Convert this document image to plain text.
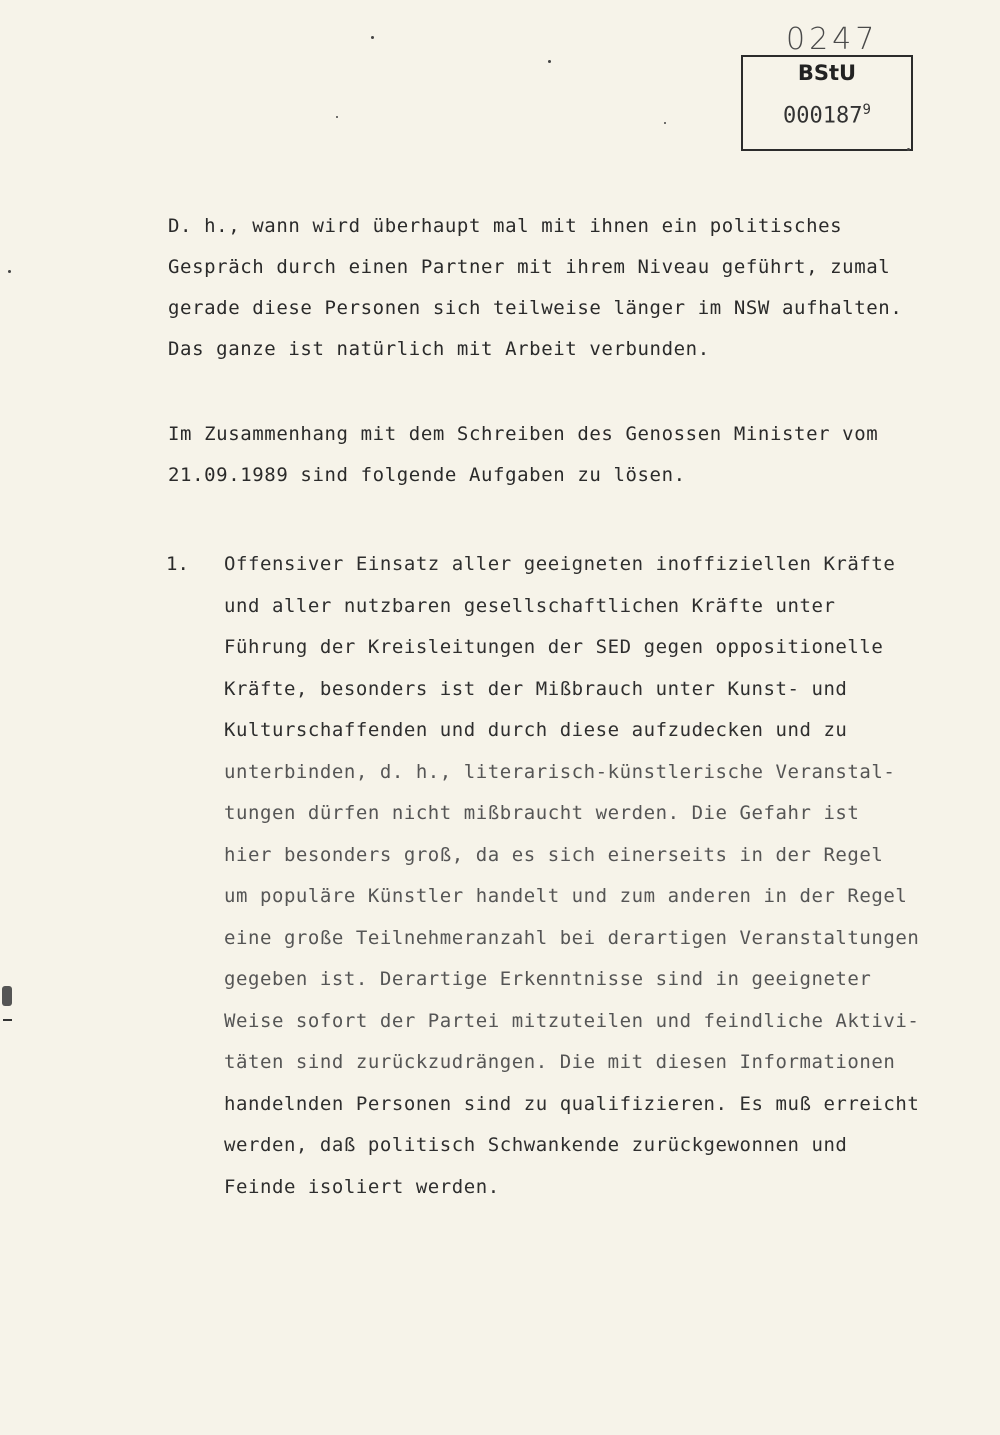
0247
BStU
000187$^9$
D. h., wann wird überhaupt mal mit ihnen ein politisches
Gespräch durch einen Partner mit ihrem Niveau geführt, zumal
gerade diese Personen sich teilweise länger im NSW aufhalten.
Das ganze ist natürlich mit Arbeit verbunden.
Im Zusammenhang mit dem Schreiben des Genossen Minister vom
21.09.1989 sind folgende Aufgaben zu lösen.
1. Offensiver Einsatz aller geeigneten inoffiziellen Kräfte
und aller nutzbaren gesellschaftlichen Kräfte unter
Führung der Kreisleitungen der SED gegen oppositionelle
Kräfte, besonders ist der Mißbrauch unter Kunst- und
Kulturschaffenden und durch diese aufzudecken und zu
unterbinden, d. h., literarisch-künstlerische Veranstal-
tungen dürfen nicht mißbraucht werden. Die Gefahr ist
hier besonders groß, da es sich einerseits in der Regel
um populäre Künstler handelt und zum anderen in der Regel
eine große Teilnehmeranzahl bei derartigen Veranstaltungen
gegeben ist. Derartige Erkenntnisse sind in geeigneter
Weise sofort der Partei mitzuteilen und feindliche Aktivi-
täten sind zurückzudrängen. Die mit diesen Informationen
handelnden Personen sind zu qualifizieren. Es muß erreicht
werden, daß politisch Schwankende zurückgewonnen und
Feinde isoliert werden.
